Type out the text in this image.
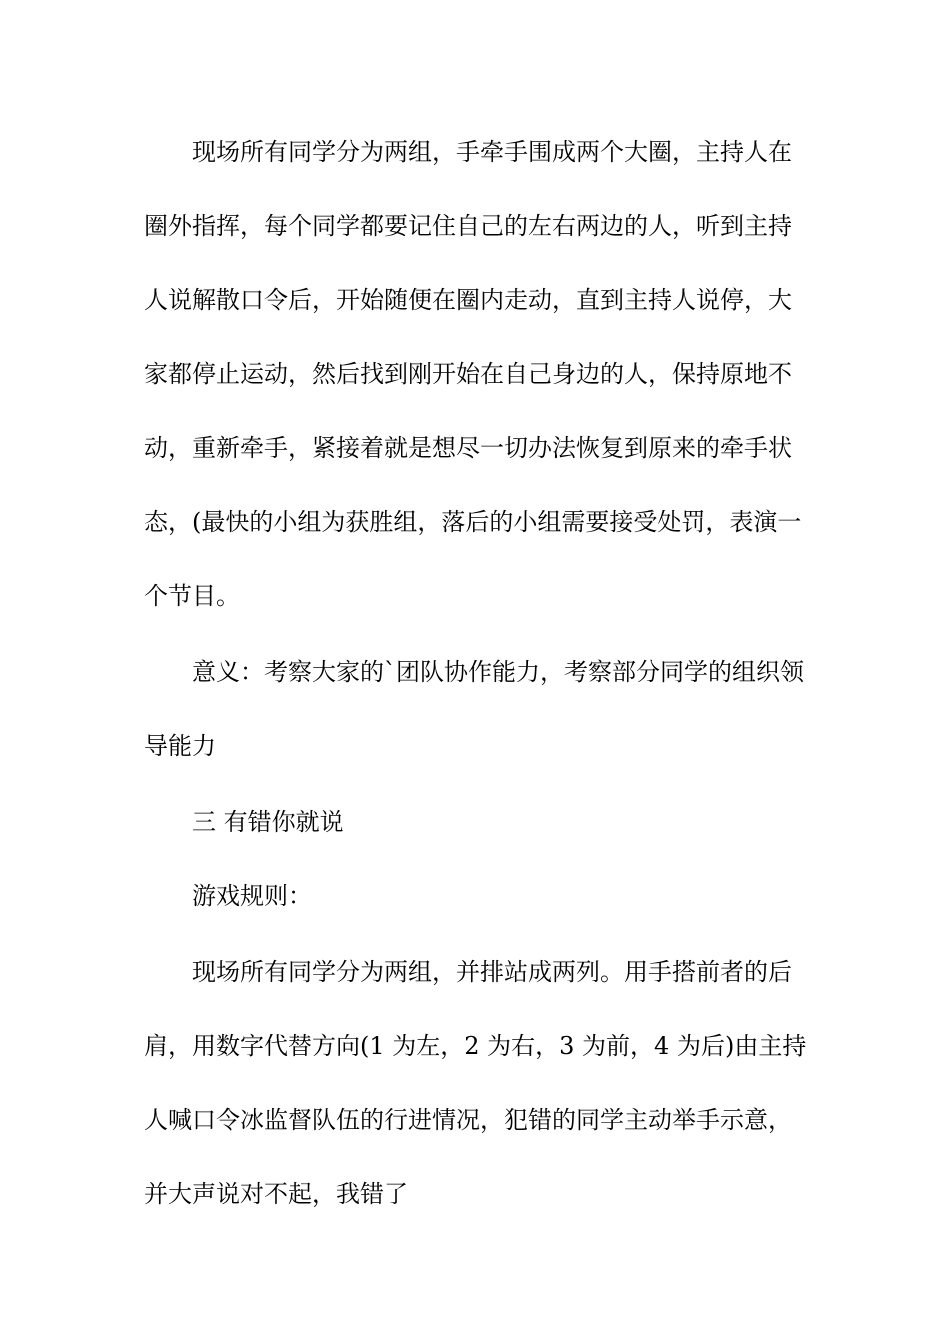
现场所有同学分为两组，手牵手围成两个大圈，主持人在
圈外指挥，每个同学都要记住自己的左右两边的人，听到主持
人说解散口令后，开始随便在圈内走动，直到主持人说停，大
家都停止运动，然后找到刚开始在自己身边的人，保持原地不
动，重新牵手，紧接着就是想尽一切办法恢复到原来的牵手状
态，(最快的小组为获胜组，落后的小组需要接受处罚，表演一
个节目。
意义：考察大家的`团队协作能力，考察部分同学的组织领
导能力
三 有错你就说
游戏规则：
现场所有同学分为两组，并排站成两列。用手搭前者的后
肩，用数字代替方向(1 为左，2 为右，3 为前，4 为后)由主持
人喊口令冰监督队伍的行进情况，犯错的同学主动举手示意，
并大声说对不起，我错了
